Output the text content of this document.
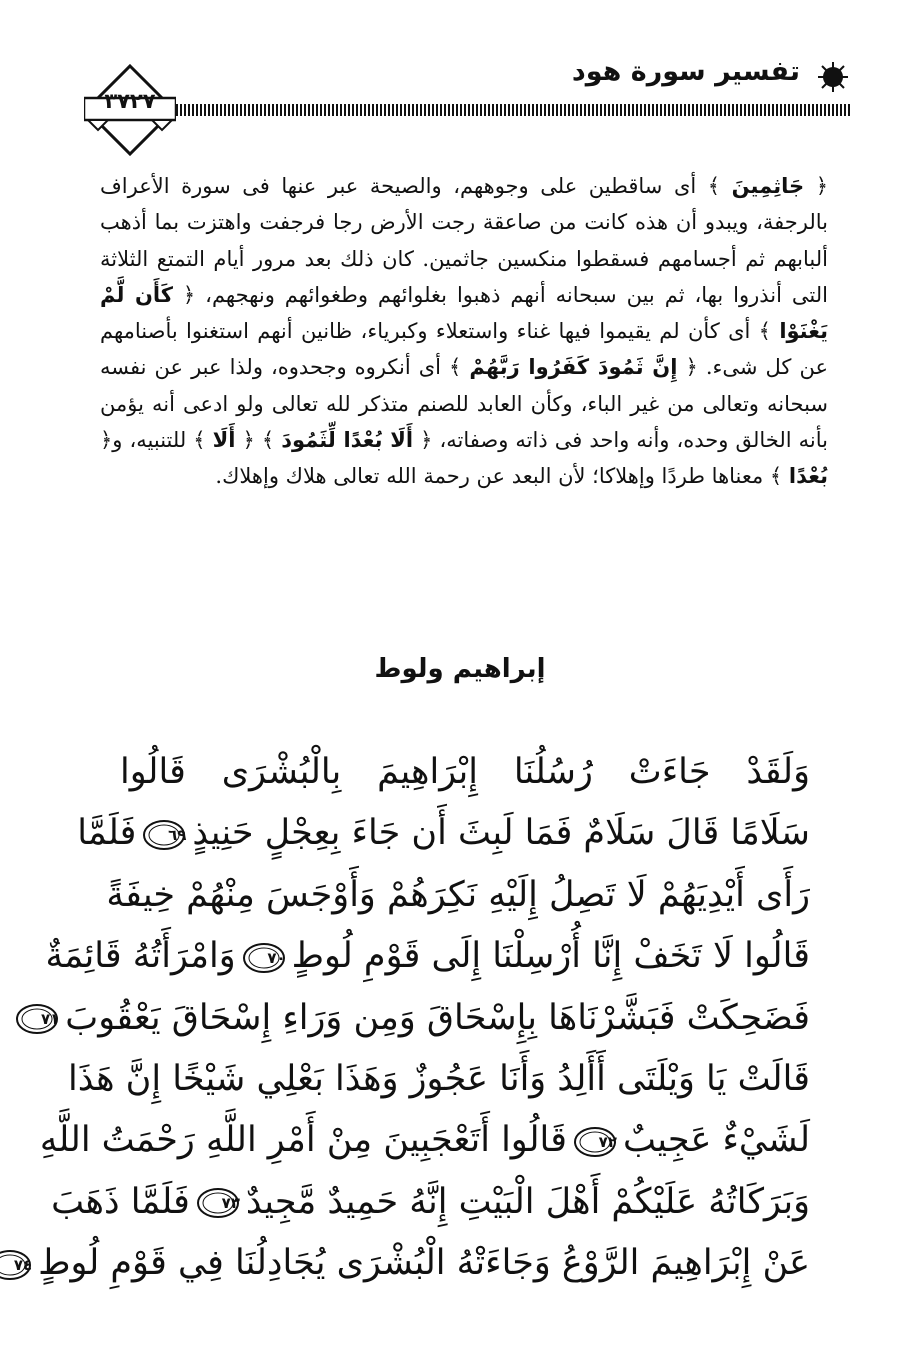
تفسير سورة هود
٣٧٢٧

﴿ جَاثِمِينَ ﴾ أى ساقطين على وجوههم، والصيحة عبر عنها فى سورة الأعراف بالرجفة، ويبدو أن هذه كانت من صاعقة رجت الأرض رجا فرجفت واهتزت بما أذهب ألبابهم ثم أجسامهم فسقطوا منكسين جاثمين. كان ذلك بعد مرور أيام التمتع الثلاثة التى أنذروا بها، ثم بين سبحانه أنهم ذهبوا بغلوائهم وطغوائهم ونهجهم، ﴿ كَأَن لَّمْ يَغْنَوْا ﴾ أى كأن لم يقيموا فيها غناء واستعلاء وكبرياء، ظانين أنهم استغنوا بأصنامهم عن كل شىء. ﴿ إِنَّ ثَمُودَ كَفَرُوا رَبَّهُمْ ﴾ أى أنكروه وجحدوه، ولذا عبر عن نفسه سبحانه وتعالى من غير الباء، وكأن العابد للصنم متذكر لله تعالى ولو ادعى أنه يؤمن بأنه الخالق وحده، وأنه واحد فى ذاته وصفاته، ﴿ أَلَا بُعْدًا لِّثَمُودَ ﴾ ﴿ أَلَا ﴾ للتنبيه، و﴿ بُعْدًا ﴾ معناها طردًا وإهلاكا؛ لأن البعد عن رحمة الله تعالى هلاك وإهلاك.

إبراهيم ولوط
وَلَقَدْ جَاءَتْ رُسُلُنَا إِبْرَاهِيمَ بِالْبُشْرَى قَالُوا
سَلَامًا قَالَ سَلَامٌ فَمَا لَبِثَ أَن جَاءَ بِعِجْلٍ حَنِيذٍ
٦٩
فَلَمَّا
رَأَى أَيْدِيَهُمْ لَا تَصِلُ إِلَيْهِ نَكِرَهُمْ وَأَوْجَسَ مِنْهُمْ خِيفَةً
قَالُوا لَا تَخَفْ إِنَّا أُرْسِلْنَا إِلَى قَوْمِ لُوطٍ
٧٠
وَامْرَأَتُهُ قَائِمَةٌ
فَضَحِكَتْ فَبَشَّرْنَاهَا بِإِسْحَاقَ وَمِن وَرَاءِ إِسْحَاقَ يَعْقُوبَ
٧١
قَالَتْ يَا وَيْلَتَى أَأَلِدُ وَأَنَا عَجُوزٌ وَهَذَا بَعْلِي شَيْخًا إِنَّ هَذَا
لَشَيْءٌ عَجِيبٌ
٧٢
قَالُوا أَتَعْجَبِينَ مِنْ أَمْرِ اللَّهِ رَحْمَتُ اللَّهِ
وَبَرَكَاتُهُ عَلَيْكُمْ أَهْلَ الْبَيْتِ إِنَّهُ حَمِيدٌ مَّجِيدٌ
٧٣
فَلَمَّا ذَهَبَ
عَنْ إِبْرَاهِيمَ الرَّوْعُ وَجَاءَتْهُ الْبُشْرَى يُجَادِلُنَا فِي قَوْمِ لُوطٍ
٧٤
